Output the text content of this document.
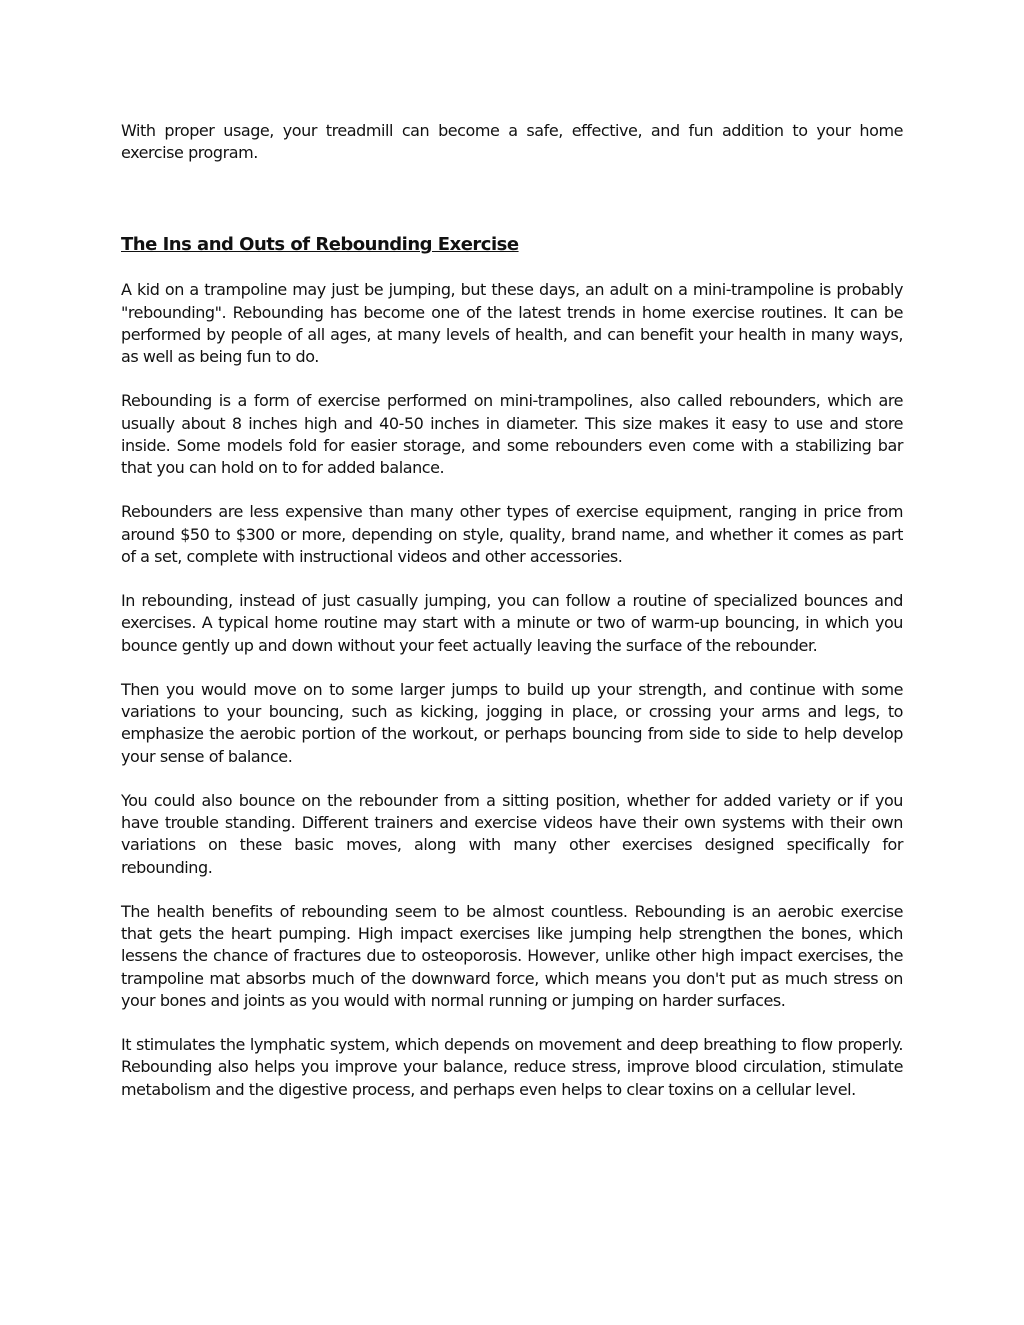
With proper usage, your treadmill can become a safe, effective, and fun addition to your home exercise program.

The Ins and Outs of Rebounding Exercise

A kid on a trampoline may just be jumping, but these days, an adult on a mini-trampoline is probably "rebounding". Rebounding has become one of the latest trends in home exercise routines. It can be performed by people of all ages, at many levels of health, and can benefit your health in many ways, as well as being fun to do.

Rebounding is a form of exercise performed on mini-trampolines, also called rebounders, which are usually about 8 inches high and 40-50 inches in diameter. This size makes it easy to use and store inside. Some models fold for easier storage, and some rebounders even come with a stabilizing bar that you can hold on to for added balance.

Rebounders are less expensive than many other types of exercise equipment, ranging in price from around $50 to $300 or more, depending on style, quality, brand name, and whether it comes as part of a set, complete with instructional videos and other accessories.

In rebounding, instead of just casually jumping, you can follow a routine of specialized bounces and exercises. A typical home routine may start with a minute or two of warm-up bouncing, in which you bounce gently up and down without your feet actually leaving the surface of the rebounder.

Then you would move on to some larger jumps to build up your strength, and continue with some variations to your bouncing, such as kicking, jogging in place, or crossing your arms and legs, to emphasize the aerobic portion of the workout, or perhaps bouncing from side to side to help develop your sense of balance.

You could also bounce on the rebounder from a sitting position, whether for added variety or if you have trouble standing. Different trainers and exercise videos have their own systems with their own variations on these basic moves, along with many other exercises designed specifically for rebounding.

The health benefits of rebounding seem to be almost countless. Rebounding is an aerobic exercise that gets the heart pumping. High impact exercises like jumping help strengthen the bones, which lessens the chance of fractures due to osteoporosis. However, unlike other high impact exercises, the trampoline mat absorbs much of the downward force, which means you don't put as much stress on your bones and joints as you would with normal running or jumping on harder surfaces.

It stimulates the lymphatic system, which depends on movement and deep breathing to flow properly. Rebounding also helps you improve your balance, reduce stress, improve blood circulation, stimulate metabolism and the digestive process, and perhaps even helps to clear toxins on a cellular level.
